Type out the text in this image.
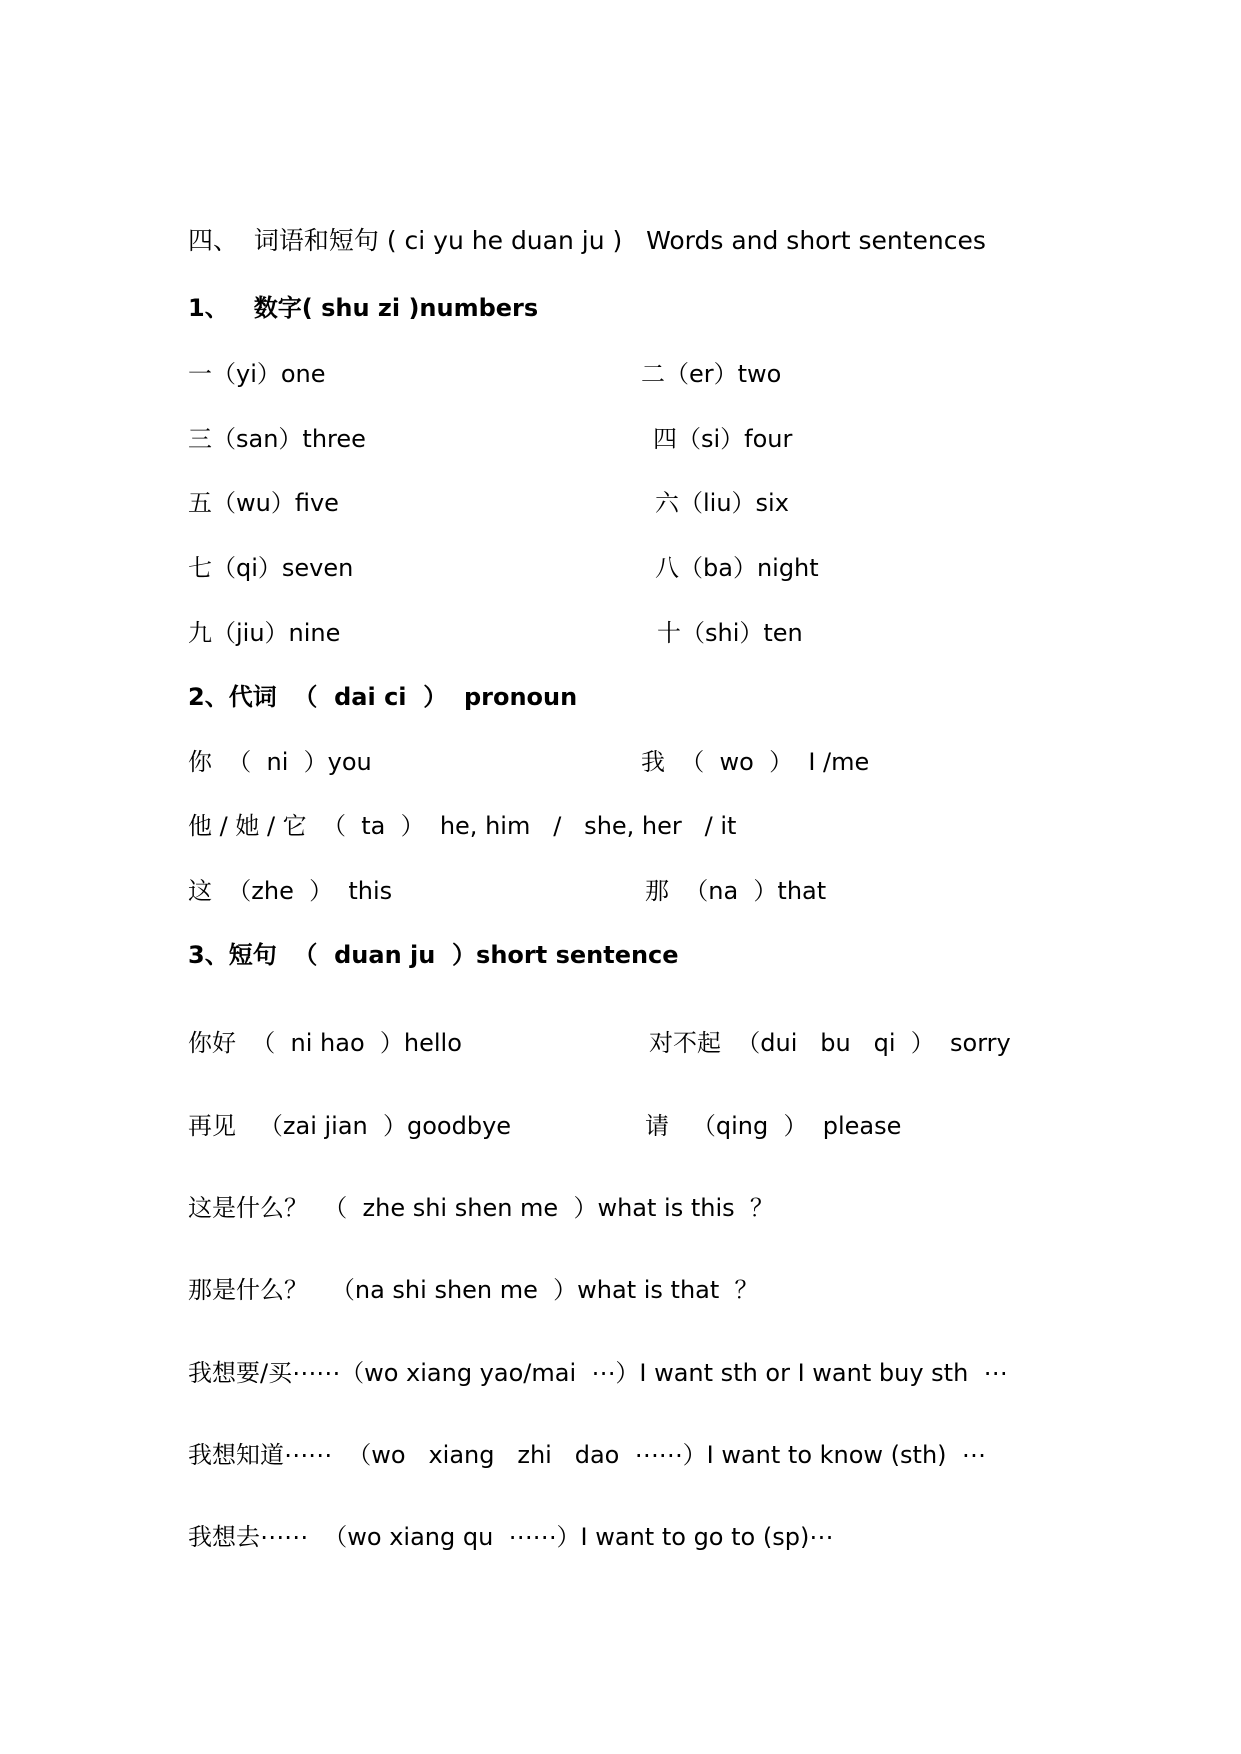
四、  词语和短句 ( ci yu he duan ju )   Words and short sentences
1、   数字( shu zi )numbers
一（yi）one	二（er）two
三（san）three	四（si）four
五（wu）five	六（liu）six
七（qi）seven	八（ba）night
九（jiu）nine	十（shi）ten
2、代词  （  dai ci  ）  pronoun
你  （  ni  ）you	我  （  wo  ）  I /me
他 / 她 / 它  （  ta  ）  he, him   /   she, her   / it
这  （zhe  ）  this	那  （na  ）that
3、短句  （  duan ju  ）short sentence
你好  （  ni hao  ）hello	对不起  （dui   bu   qi  ）  sorry
再见   （zai jian  ）goodbye	请   （qing  ）  please
这是什么？  （  zhe shi shen me  ）what is this  ？
那是什么？   （na shi shen me  ）what is that  ？
我想要/买⋯⋯（wo xiang yao/mai  ⋯）I want sth or I want buy sth  ⋯
我想知道⋯⋯  （wo   xiang   zhi   dao  ⋯⋯）I want to know (sth)  ⋯
我想去⋯⋯  （wo xiang qu  ⋯⋯）I want to go to (sp)⋯
